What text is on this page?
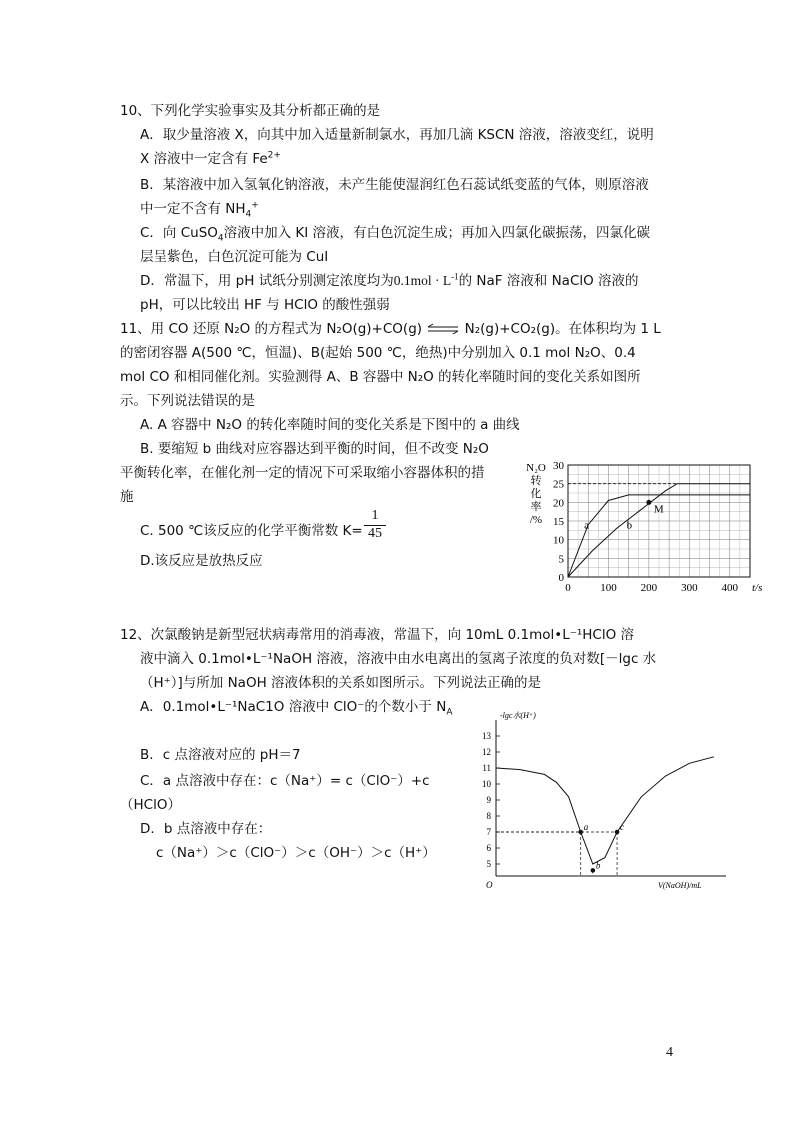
10、下列化学实验事实及其分析都正确的是
A．取少量溶液 X，向其中加入适量新制氯水，再加几滴 KSCN 溶液，溶液变红，说明
X 溶液中一定含有 $Fe^{2+}$
B．某溶液中加入氢氧化钠溶液，未产生能使湿润红色石蕊试纸变蓝的气体，则原溶液
中一定不含有 $NH_4^+$
C．向 CuSO$_4$溶液中加入 KI 溶液，有白色沉淀生成；再加入四氯化碳振荡，四氯化碳
层呈紫色，白色沉淀可能为 CuI
D．常温下，用 pH 试纸分别测定浓度均为$0.1mol \cdot L^{-1}$的 NaF 溶液和 NaClO 溶液的
pH，可以比较出 HF 与 HClO 的酸性强弱
11、用 CO 还原 N₂O 的方程式为 N₂O(g)+CO(g) ⇌ N₂(g)+CO₂(g)。在体积均为 1 L
的密闭容器 A(500 ℃，恒温)、B(起始 500 ℃，绝热)中分别加入 0.1 mol N₂O、0.4
mol CO 和相同催化剂。实验测得 A、B 容器中 N₂O 的转化率随时间的变化关系如图所
示。下列说法错误的是
A. A 容器中 N₂O 的转化率随时间的变化关系是下图中的 a 曲线
B. 要缩短 b 曲线对应容器达到平衡的时间，但不改变 N₂O
平衡转化率，在催化剂一定的情况下可采取缩小容器体积的措
施
C. 500 ℃该反应的化学平衡常数 $K= \frac{1}{45}$
D.该反应是放热反应
0
5
10
15
20
25
30
0	100 200 300 400
N₂O
转
化
率
/%
M
a	b
t/s
12、次氯酸钠是新型冠状病毒常用的消毒液，常温下，向 10mL 0.1mol•L⁻¹HClO 溶
液中滴入 0.1mol•L⁻¹NaOH 溶液，溶液中由水电离出的氢离子浓度的负对数[－lgc 水
（H⁺）]与所加 NaOH 溶液体积的关系如图所示。下列说法正确的是
A．0.1mol•L⁻¹NaC1O 溶液中 ClO⁻的个数小于 $N_A$
B．c 点溶液对应的 pH＝7
C．a 点溶液中存在：c（Na⁺）= c（ClO⁻）+c
（HClO）
D．b 点溶液中存在：
c（Na⁺）＞c（ClO⁻）＞c（OH⁻）＞c（H⁺）
5
6
7
8
9
10
11
12
13
a
b
c
-lgc水(H⁺)
V(NaOH)/mL
O
4
